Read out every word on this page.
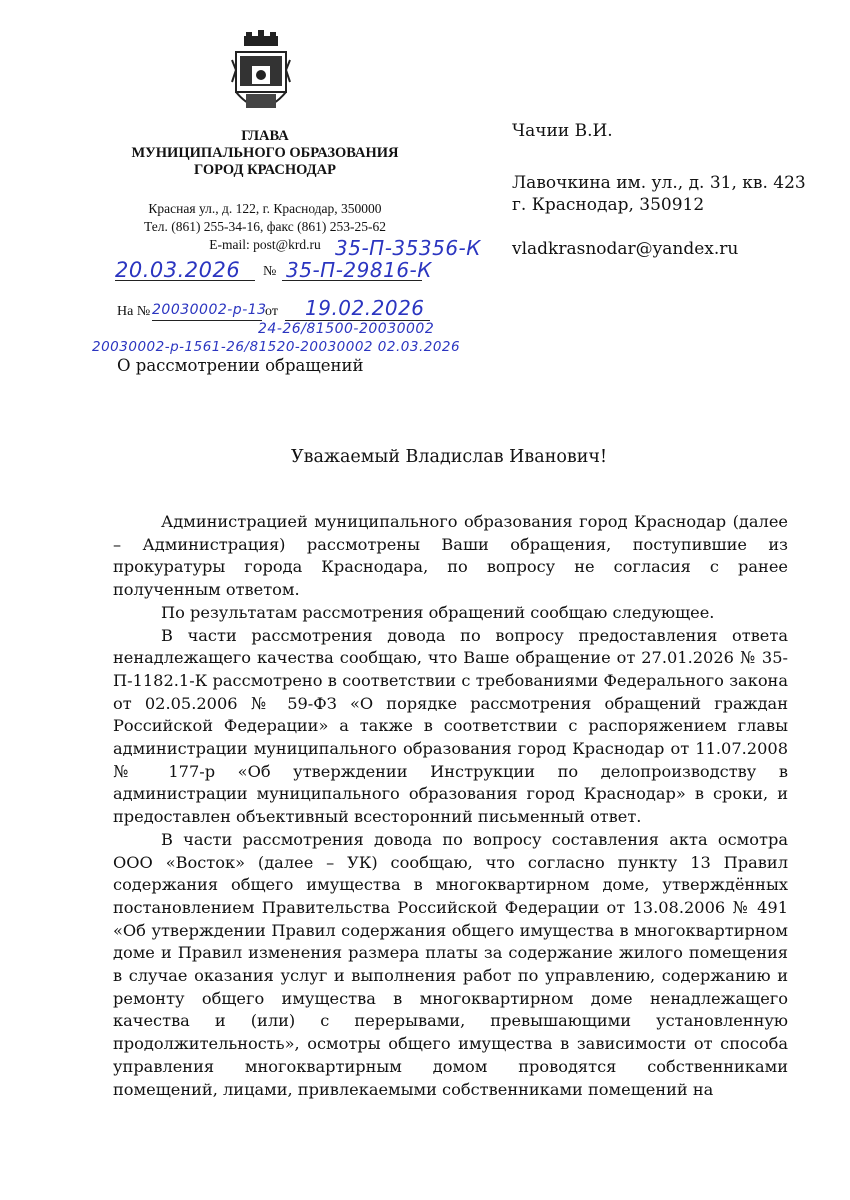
ГЛАВА
МУНИЦИПАЛЬНОГО ОБРАЗОВАНИЯ
ГОРОД КРАСНОДАР
Красная ул., д. 122, г. Краснодар, 350000
Тел. (861) 255-34-16, факс (861) 253-25-62
E-mail: post@krd.ru 35-П-35356-К
20.03.2026 № 35-П-29816-К
На № 20030002-р-13
от 19.02.2026
24-26/81500-20030002
20030002-р-1561-26/81520-20030002 02.03.2026
Чачии В.И.
Лавочкина им. ул., д. 31, кв. 423
г. Краснодар, 350912
vladkrasnodar@yandex.ru
О рассмотрении обращений
Уважаемый Владислав Иванович!

Администрацией муниципального образования город Краснодар (далее – Администрация) рассмотрены Ваши обращения, поступившие из прокуратуры города Краснодара, по вопросу не согласия с ранее полученным ответом.

По результатам рассмотрения обращений сообщаю следующее.

В части рассмотрения довода по вопросу предоставления ответа ненадлежащего качества сообщаю, что Ваше обращение от 27.01.2026 № 35-П-1182.1-К рассмотрено в соответствии с требованиями Федерального закона от 02.05.2006 № 59-ФЗ «О порядке рассмотрения обращений граждан Российской Федерации» а также в соответствии с распоряжением главы администрации муниципального образования город Краснодар от 11.07.2008 № 177-р «Об утверждении Инструкции по делопроизводству в администрации муниципального образования город Краснодар» в сроки, и предоставлен объективный всесторонний письменный ответ.

В части рассмотрения довода по вопросу составления акта осмотра ООО «Восток» (далее – УК) сообщаю, что согласно пункту 13 Правил содержания общего имущества в многоквартирном доме, утверждённых постановлением Правительства Российской Федерации от 13.08.2006 № 491 «Об утверждении Правил содержания общего имущества в многоквартирном доме и Правил изменения размера платы за содержание жилого помещения в случае оказания услуг и выполнения работ по управлению, содержанию и ремонту общего имущества в многоквартирном доме ненадлежащего качества и (или) с перерывами, превышающими установленную продолжительность», осмотры общего имущества в зависимости от способа управления многоквартирным домом проводятся собственниками помещений, лицами, привлекаемыми собственниками помещений на
